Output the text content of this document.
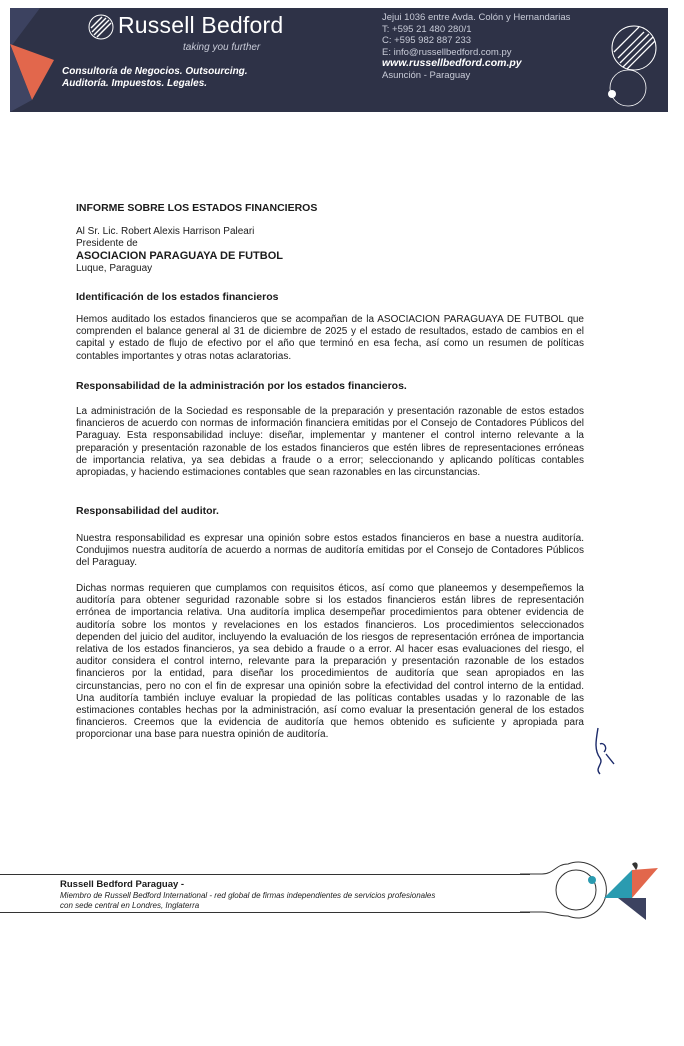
Russell Bedford
taking you further
Consultoría de Negocios. Outsourcing.
Auditoría. Impuestos. Legales.
Jejui 1036 entre Avda. Colón y Hernandarias
T: +595 21 480 280/1
C: +595 982 887 233
E: info@russellbedford.com.py
www.russellbedford.com.py
Asunción - Paraguay

INFORME SOBRE LOS ESTADOS FINANCIEROS

Al Sr. Lic. Robert Alexis Harrison Paleari
Presidente de
ASOCIACION PARAGUAYA DE FUTBOL
Luque, Paraguay

Identificación de los estados financieros

Hemos auditado los estados financieros que se acompañan de la ASOCIACION PARAGUAYA DE FUTBOL que comprenden el balance general al 31 de diciembre de 2025 y el estado de resultados, estado de cambios en el capital y estado de flujo de efectivo por el año que terminó en esa fecha, así como un resumen de políticas contables importantes y otras notas aclaratorias.

Responsabilidad de la administración por los estados financieros.

La administración de la Sociedad es responsable de la preparación y presentación razonable de estos estados financieros de acuerdo con normas de información financiera emitidas por el Consejo de Contadores Públicos del Paraguay. Esta responsabilidad incluye: diseñar, implementar y mantener el control interno relevante a la preparación y presentación razonable de los estados financieros que estén libres de representaciones erróneas de importancia relativa, ya sea debidas a fraude o a error; seleccionando y aplicando políticas contables apropiadas, y haciendo estimaciones contables que sean razonables en las circunstancias.

Responsabilidad del auditor.

Nuestra responsabilidad es expresar una opinión sobre estos estados financieros en base a nuestra auditoría. Condujimos nuestra auditoría de acuerdo a normas de auditoría emitidas por el Consejo de Contadores Públicos del Paraguay.

Dichas normas requieren que cumplamos con requisitos éticos, así como que planeemos y desempeñemos la auditoría para obtener seguridad razonable sobre si los estados financieros están libres de representación errónea de importancia relativa. Una auditoría implica desempeñar procedimientos para obtener evidencia de auditoría sobre los montos y revelaciones en los estados financieros. Los procedimientos seleccionados dependen del juicio del auditor, incluyendo la evaluación de los riesgos de representación errónea de importancia relativa de los estados financieros, ya sea debido a fraude o a error. Al hacer esas evaluaciones del riesgo, el auditor considera el control interno, relevante para la preparación y presentación razonable de los estados financieros por la entidad, para diseñar los procedimientos de auditoría que sean apropiados en las circunstancias, pero no con el fin de expresar una opinión sobre la efectividad del control interno de la entidad. Una auditoría también incluye evaluar la propiedad de las políticas contables usadas y lo razonable de las estimaciones contables hechas por la administración, así como evaluar la presentación general de los estados financieros. Creemos que la evidencia de auditoría que hemos obtenido es suficiente y apropiada para proporcionar una base para nuestra opinión de auditoría.

Russell Bedford Paraguay -
Miembro de Russell Bedford International - red global de firmas independientes de servicios profesionales
con sede central en Londres, Inglaterra
